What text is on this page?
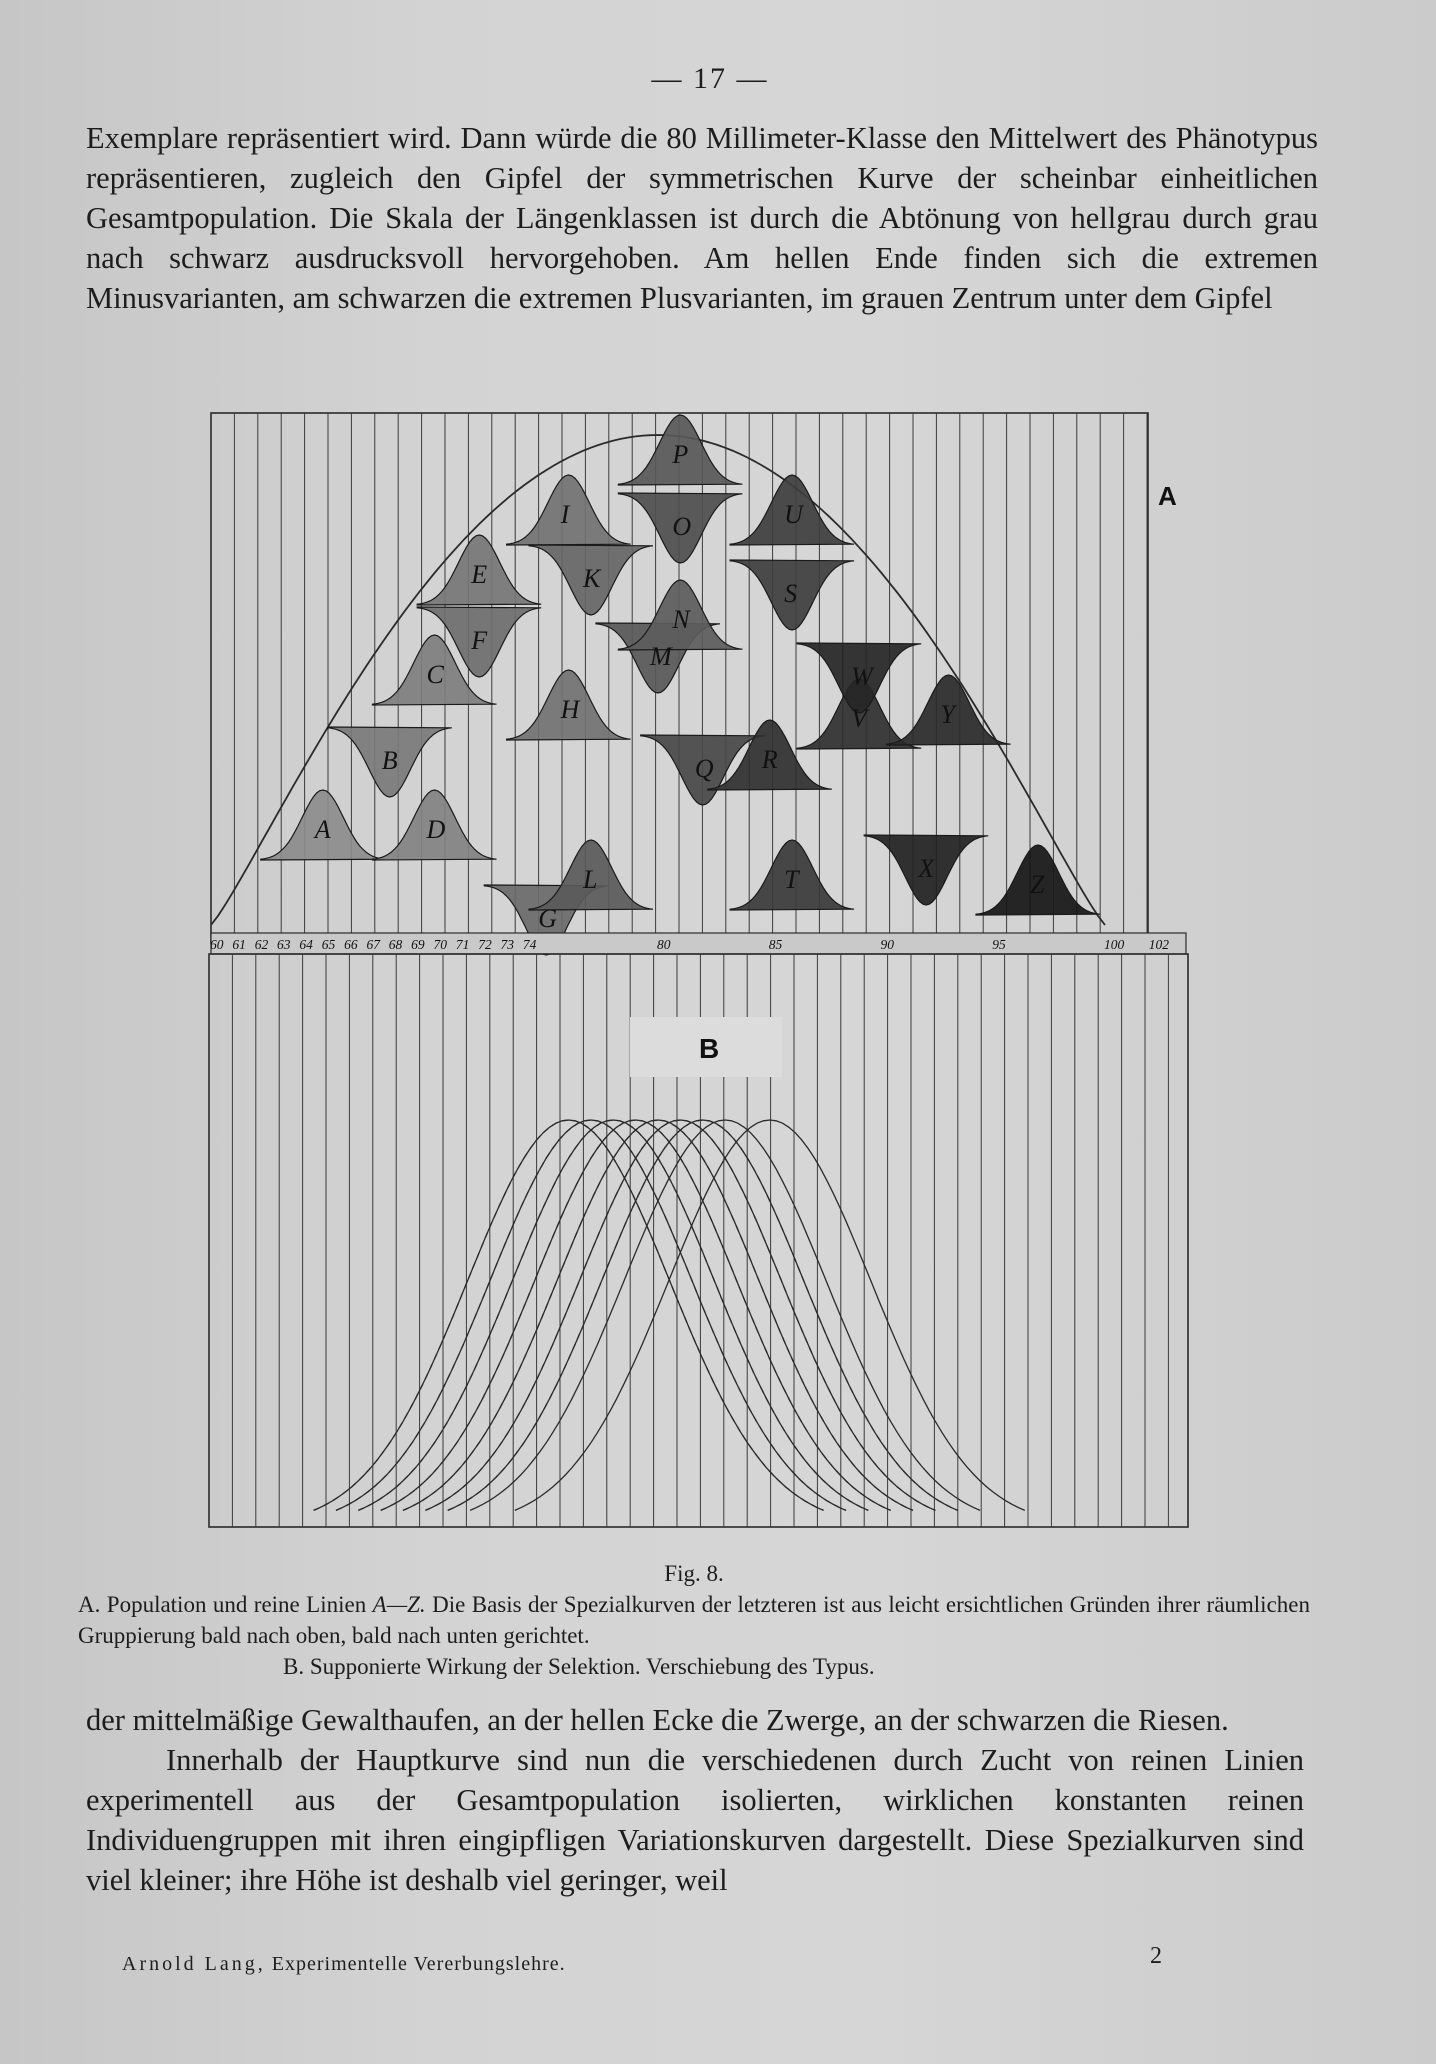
— 17 —

Exemplare repräsentiert wird. Dann würde die 80 Millimeter-Klasse den Mittelwert des Phänotypus repräsentieren, zugleich den Gipfel der symmetrischen Kurve der scheinbar einheitlichen Gesamtpopulation. Die Skala der Längenklassen ist durch die Abtönung von hellgrau durch grau nach schwarz ausdrucksvoll hervorgehoben. Am hellen Ende finden sich die extremen Minusvarianten, am schwarzen die extremen Plusvarianten, im grauen Zentrum unter dem Gipfel

A
B
C
D
E
F
G
H
I
K
L
M
N
O
P
Q R
S
T
U
V
W
X
Y
Z
A
60 61 62 63 64 65 66 67 68 69 70 71 72 73 74	80	85	90	95	100 102
B
Fig. 8.
A. Population und reine Linien A—Z. Die Basis der Spezialkurven der letzteren ist aus leicht ersichtlichen Gründen ihrer räumlichen Gruppierung bald nach oben, bald nach unten gerichtet.
B. Supponierte Wirkung der Selektion. Verschiebung des Typus.

der mittelmäßige Gewalthaufen, an der hellen Ecke die Zwerge, an der schwarzen die Riesen.

Innerhalb der Hauptkurve sind nun die verschiedenen durch Zucht von reinen Linien experimentell aus der Gesamtpopulation isolierten, wirklichen konstanten reinen Individuengruppen mit ihren eingipfligen Variationskurven dargestellt. Diese Spezialkurven sind viel kleiner; ihre Höhe ist deshalb viel geringer, weil

Arnold Lang, Experimentelle Vererbungslehre.	2
